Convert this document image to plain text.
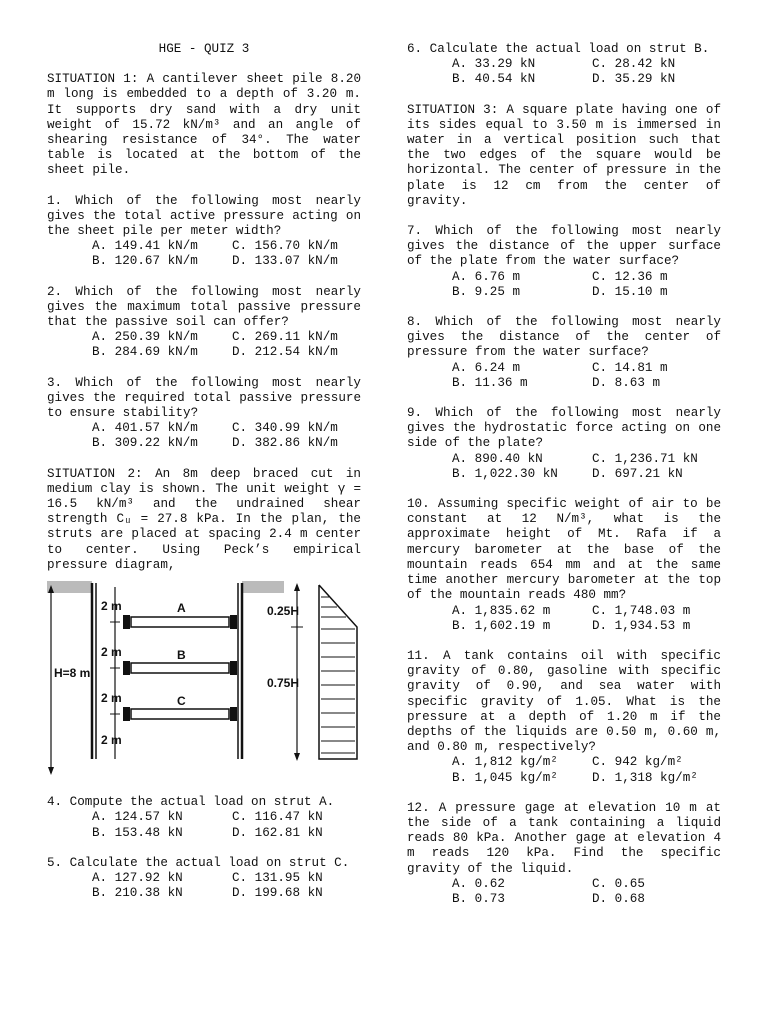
HGE - QUIZ 3

SITUATION 1: A cantilever sheet pile 8.20 m long is embedded to a depth of 3.20 m. It supports dry sand with a dry unit weight of 15.72 kN/m³ and an angle of shearing resistance of 34°. The water table is located at the bottom of the sheet pile.

1. Which of the following most nearly gives the total active pressure acting on the sheet pile per meter width?

A. 149.41 kN/m	C. 156.70 kN/m
B. 120.67 kN/m	D. 133.07 kN/m

2. Which of the following most nearly gives the maximum total passive pressure that the passive soil can offer?

A. 250.39 kN/m	C. 269.11 kN/m
B. 284.69 kN/m	D. 212.54 kN/m

3. Which of the following most nearly gives the required total passive pressure to ensure stability?

A. 401.57 kN/m	C. 340.99 kN/m
B. 309.22 kN/m	D. 382.86 kN/m

SITUATION 2: An 8m deep braced cut in medium clay is shown. The unit weight γ = 16.5 kN/m³ and the undrained shear strength Cᵤ = 27.8 kPa. In the plan, the struts are placed at spacing 2.4 m center to center. Using Peck’s empirical pressure diagram,

H=8 m
2 m
2 m
2 m
2 m
A
B
C
0.25H
0.75H

4. Compute the actual load on strut A.

A. 124.57 kN	C. 116.47 kN
B. 153.48 kN	D. 162.81 kN

5. Calculate the actual load on strut C.

A. 127.92 kN	C. 131.95 kN
B. 210.38 kN	D. 199.68 kN

6. Calculate the actual load on strut B.

A. 33.29 kN	C. 28.42 kN
B. 40.54 kN	D. 35.29 kN

SITUATION 3: A square plate having one of its sides equal to 3.50 m is immersed in water in a vertical position such that the two edges of the square would be horizontal. The center of pressure in the plate is 12 cm from the center of gravity.

7. Which of the following most nearly gives the distance of the upper surface of the plate from the water surface?

A. 6.76 m	C. 12.36 m
B. 9.25 m	D. 15.10 m

8. Which of the following most nearly gives the distance of the center of pressure from the water surface?

A. 6.24 m	C. 14.81 m
B. 11.36 m	D. 8.63 m

9. Which of the following most nearly gives the hydrostatic force acting on one side of the plate?

A. 890.40 kN	C. 1,236.71 kN
B. 1,022.30 kN	D. 697.21 kN

10. Assuming specific weight of air to be constant at 12 N/m³, what is the approximate height of Mt. Rafa if a mercury barometer at the base of the mountain reads 654 mm and at the same time another mercury barometer at the top of the mountain reads 480 mm?

A. 1,835.62 m	C. 1,748.03 m
B. 1,602.19 m	D. 1,934.53 m

11. A tank contains oil with specific gravity of 0.80, gasoline with specific gravity of 0.90, and sea water with specific gravity of 1.05. What is the pressure at a depth of 1.20 m if the depths of the liquids are 0.50 m, 0.60 m, and 0.80 m, respectively?

A. 1,812 kg/m²	C. 942 kg/m²
B. 1,045 kg/m²	D. 1,318 kg/m²

12. A pressure gage at elevation 10 m at the side of a tank containing a liquid reads 80 kPa. Another gage at elevation 4 m reads 120 kPa. Find the specific gravity of the liquid.

A. 0.62	C. 0.65
B. 0.73	D. 0.68
